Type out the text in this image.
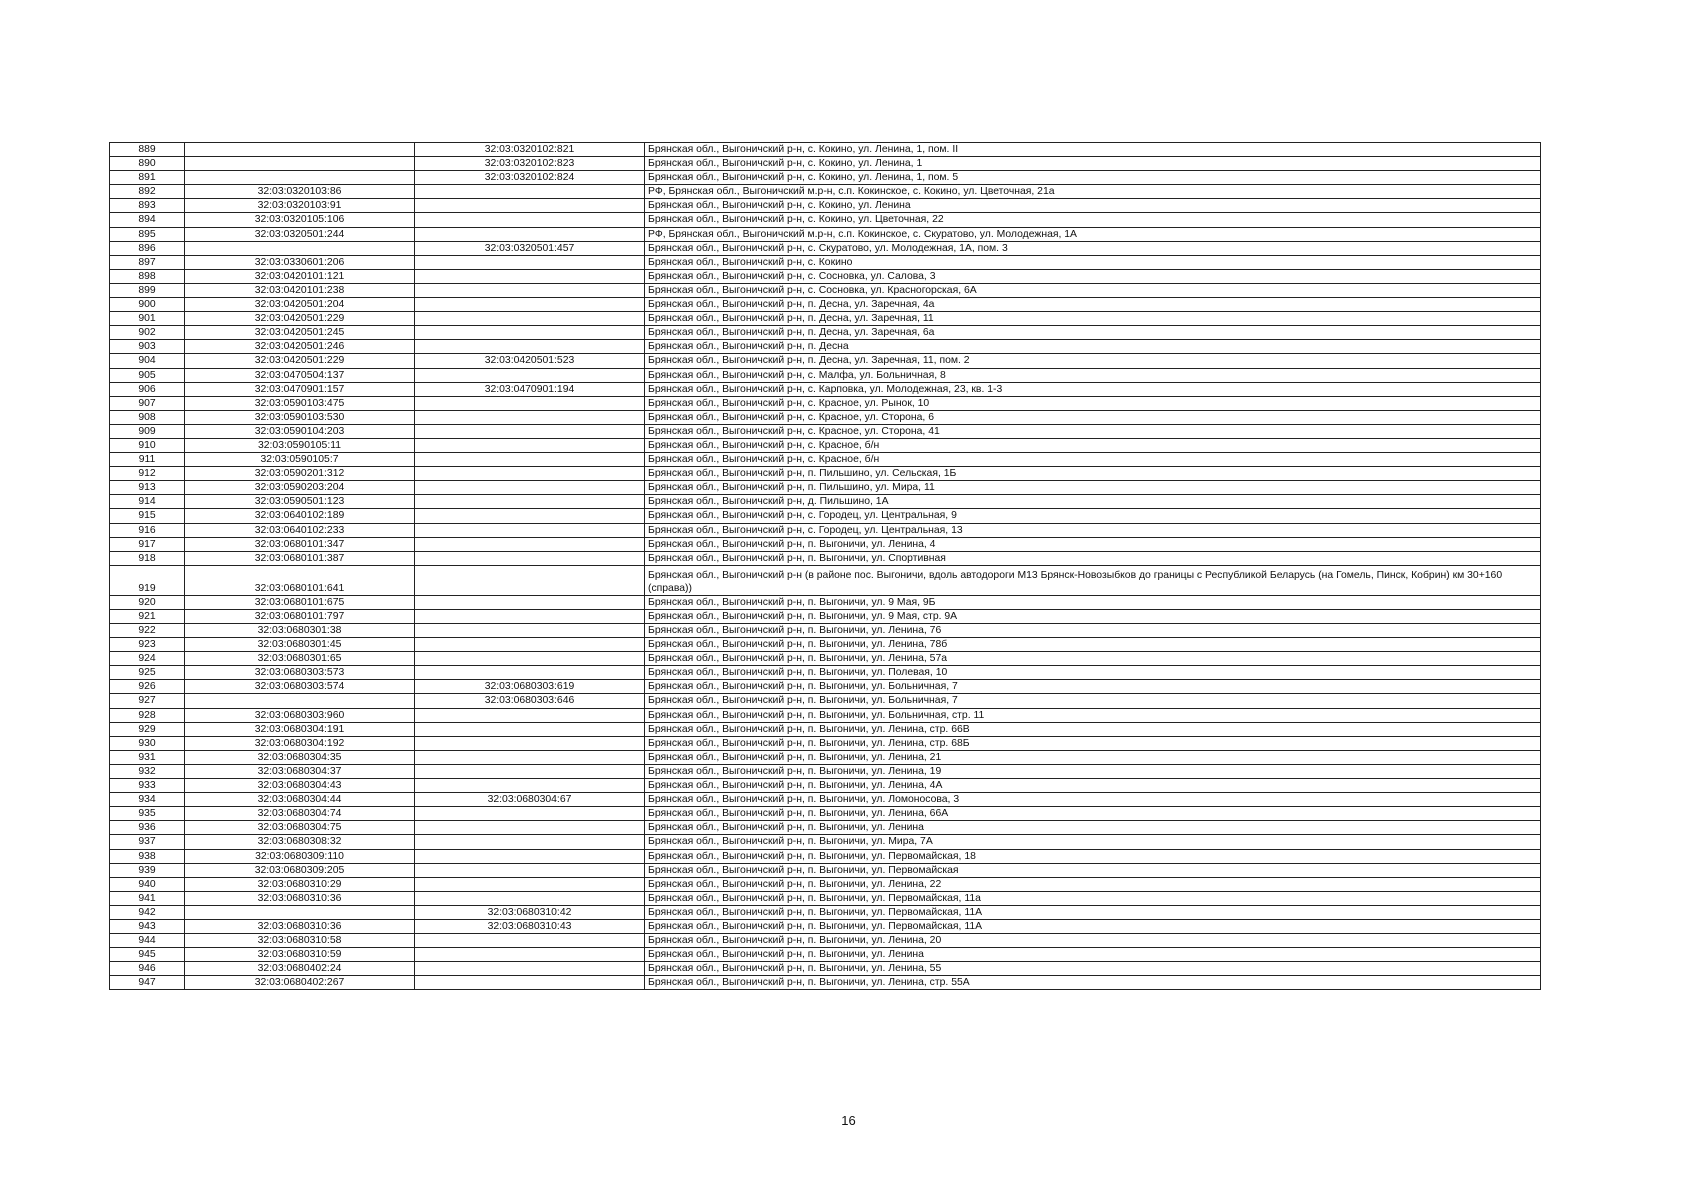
889		32:03:0320102:821	Брянская обл., Выгоничский р-н, с. Кокино, ул. Ленина, 1, пом. II
890		32:03:0320102:823	Брянская обл., Выгоничский р-н, с. Кокино, ул. Ленина, 1
891		32:03:0320102:824	Брянская обл., Выгоничский р-н, с. Кокино, ул. Ленина, 1, пом. 5
892	32:03:0320103:86		РФ, Брянская обл., Выгоничский м.р-н, с.п. Кокинское, с. Кокино, ул. Цветочная, 21а
893	32:03:0320103:91		Брянская обл., Выгоничский р-н, с. Кокино, ул. Ленина
894	32:03:0320105:106		Брянская обл., Выгоничский р-н, с. Кокино, ул. Цветочная, 22
895	32:03:0320501:244		РФ, Брянская обл., Выгоничский м.р-н, с.п. Кокинское, с. Скуратово, ул. Молодежная, 1А
896		32:03:0320501:457	Брянская обл., Выгоничский р-н, с. Скуратово, ул. Молодежная, 1А, пом. 3
897	32:03:0330601:206		Брянская обл., Выгоничский р-н, с. Кокино
898	32:03:0420101:121		Брянская обл., Выгоничский р-н, с. Сосновка, ул. Салова, 3
899	32:03:0420101:238		Брянская обл., Выгоничский р-н, с. Сосновка, ул. Красногорская, 6А
900	32:03:0420501:204		Брянская обл., Выгоничский р-н, п. Десна, ул. Заречная, 4а
901	32:03:0420501:229		Брянская обл., Выгоничский р-н, п. Десна, ул. Заречная, 11
902	32:03:0420501:245		Брянская обл., Выгоничский р-н, п. Десна, ул. Заречная, 6а
903	32:03:0420501:246		Брянская обл., Выгоничский р-н, п. Десна
904	32:03:0420501:229	32:03:0420501:523	Брянская обл., Выгоничский р-н, п. Десна, ул. Заречная, 11, пом. 2
905	32:03:0470504:137		Брянская обл., Выгоничский р-н, с. Малфа, ул. Больничная, 8
906	32:03:0470901:157	32:03:0470901:194	Брянская обл., Выгоничский р-н, с. Карповка, ул. Молодежная, 23, кв. 1-3
907	32:03:0590103:475		Брянская обл., Выгоничский р-н, с. Красное, ул. Рынок, 10
908	32:03:0590103:530		Брянская обл., Выгоничский р-н, с. Красное, ул. Сторона, 6
909	32:03:0590104:203		Брянская обл., Выгоничский р-н, с. Красное, ул. Сторона, 41
910	32:03:0590105:11		Брянская обл., Выгоничский р-н, с. Красное, б/н
911	32:03:0590105:7		Брянская обл., Выгоничский р-н, с. Красное, б/н
912	32:03:0590201:312		Брянская обл., Выгоничский р-н, п. Пильшино, ул. Сельская, 1Б
913	32:03:0590203:204		Брянская обл., Выгоничский р-н, п. Пильшино, ул. Мира, 11
914	32:03:0590501:123		Брянская обл., Выгоничский р-н, д. Пильшино, 1А
915	32:03:0640102:189		Брянская обл., Выгоничский р-н, с. Городец, ул. Центральная, 9
916	32:03:0640102:233		Брянская обл., Выгоничский р-н, с. Городец, ул. Центральная, 13
917	32:03:0680101:347		Брянская обл., Выгоничский р-н, п. Выгоничи, ул. Ленина, 4
918	32:03:0680101:387		Брянская обл., Выгоничский р-н, п. Выгоничи, ул. Спортивная
919	32:03:0680101:641		Брянская обл., Выгоничский р-н (в районе пос. Выгоничи, вдоль автодороги М13 Брянск-Новозыбков до границы с Республикой Беларусь (на Гомель, Пинск, Кобрин) км 30+160 (справа))
920	32:03:0680101:675		Брянская обл., Выгоничский р-н, п. Выгоничи, ул. 9 Мая, 9Б
921	32:03:0680101:797		Брянская обл., Выгоничский р-н, п. Выгоничи, ул. 9 Мая, стр. 9А
922	32:03:0680301:38		Брянская обл., Выгоничский р-н, п. Выгоничи, ул. Ленина, 76
923	32:03:0680301:45		Брянская обл., Выгоничский р-н, п. Выгоничи, ул. Ленина, 78б
924	32:03:0680301:65		Брянская обл., Выгоничский р-н, п. Выгоничи, ул. Ленина, 57а
925	32:03:0680303:573		Брянская обл., Выгоничский р-н, п. Выгоничи, ул. Полевая, 10
926	32:03:0680303:574	32:03:0680303:619	Брянская обл., Выгоничский р-н, п. Выгоничи, ул. Больничная, 7
927		32:03:0680303:646	Брянская обл., Выгоничский р-н, п. Выгоничи, ул. Больничная, 7
928	32:03:0680303:960		Брянская обл., Выгоничский р-н, п. Выгоничи, ул. Больничная, стр. 11
929	32:03:0680304:191		Брянская обл., Выгоничский р-н, п. Выгоничи, ул. Ленина, стр. 66В
930	32:03:0680304:192		Брянская обл., Выгоничский р-н, п. Выгоничи, ул. Ленина, стр. 68Б
931	32:03:0680304:35		Брянская обл., Выгоничский р-н, п. Выгоничи, ул. Ленина, 21
932	32:03:0680304:37		Брянская обл., Выгоничский р-н, п. Выгоничи, ул. Ленина, 19
933	32:03:0680304:43		Брянская обл., Выгоничский р-н, п. Выгоничи, ул. Ленина, 4А
934	32:03:0680304:44	32:03:0680304:67	Брянская обл., Выгоничский р-н, п. Выгоничи, ул. Ломоносова, 3
935	32:03:0680304:74		Брянская обл., Выгоничский р-н, п. Выгоничи, ул. Ленина, 66А
936	32:03:0680304:75		Брянская обл., Выгоничский р-н, п. Выгоничи, ул. Ленина
937	32:03:0680308:32		Брянская обл., Выгоничский р-н, п. Выгоничи, ул. Мира, 7А
938	32:03:0680309:110		Брянская обл., Выгоничский р-н, п. Выгоничи, ул. Первомайская, 18
939	32:03:0680309:205		Брянская обл., Выгоничский р-н, п. Выгоничи, ул. Первомайская
940	32:03:0680310:29		Брянская обл., Выгоничский р-н, п. Выгоничи, ул. Ленина, 22
941	32:03:0680310:36		Брянская обл., Выгоничский р-н, п. Выгоничи, ул. Первомайская, 11а
942		32:03:0680310:42	Брянская обл., Выгоничский р-н, п. Выгоничи, ул. Первомайская, 11А
943	32:03:0680310:36	32:03:0680310:43	Брянская обл., Выгоничский р-н, п. Выгоничи, ул. Первомайская, 11А
944	32:03:0680310:58		Брянская обл., Выгоничский р-н, п. Выгоничи, ул. Ленина, 20
945	32:03:0680310:59		Брянская обл., Выгоничский р-н, п. Выгоничи, ул. Ленина
946	32:03:0680402:24		Брянская обл., Выгоничский р-н, п. Выгоничи, ул. Ленина, 55
947	32:03:0680402:267		Брянская обл., Выгоничский р-н, п. Выгоничи, ул. Ленина, стр. 55А
16
